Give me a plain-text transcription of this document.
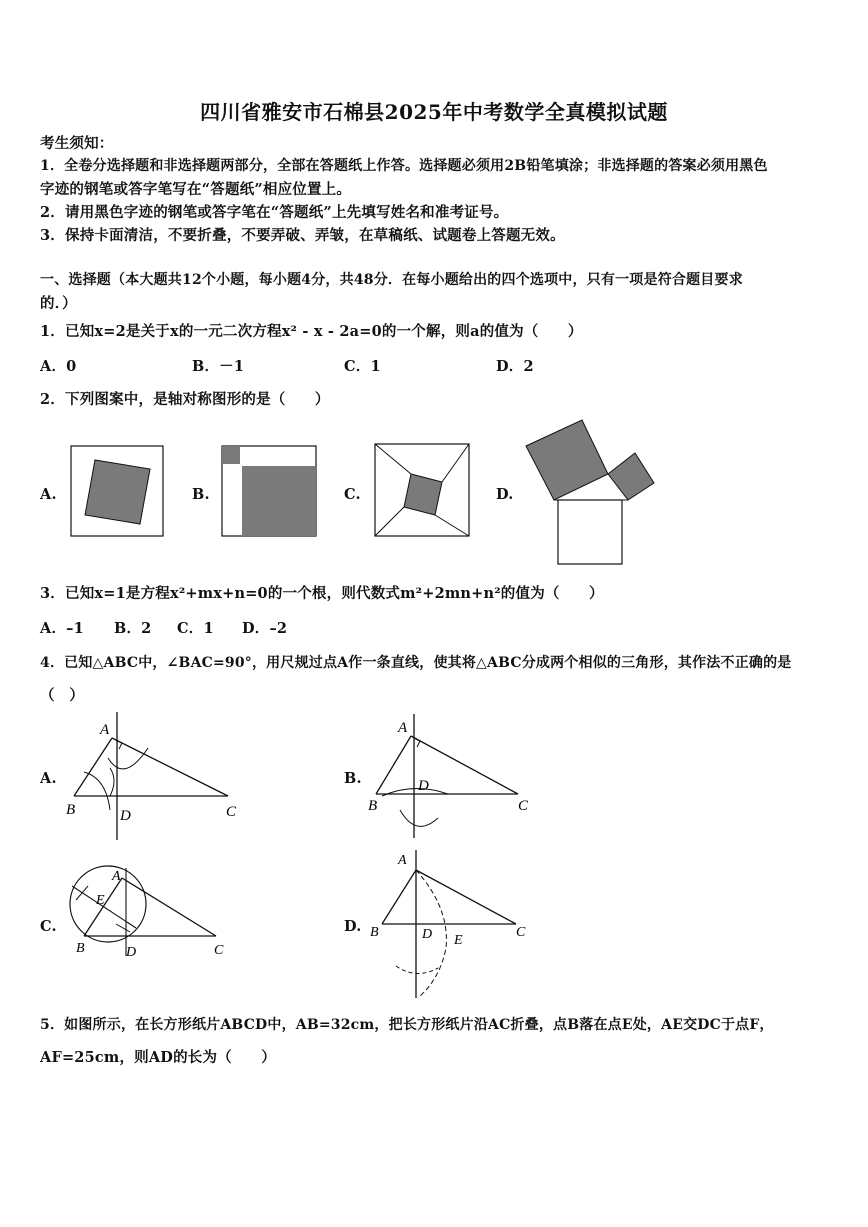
四川省雅安市石棉县2025年中考数学全真模拟试题
考生须知：
1．全卷分选择题和非选择题两部分，全部在答题纸上作答。选择题必须用2B铅笔填涂；非选择题的答案必须用黑色
字迹的钢笔或答字笔写在“答题纸”相应位置上。
2．请用黑色字迹的钢笔或答字笔在“答题纸”上先填写姓名和准考证号。
3．保持卡面清洁，不要折叠，不要弄破、弄皱，在草稿纸、试题卷上答题无效。
一、选择题（本大题共12个小题，每小题4分，共48分．在每小题给出的四个选项中，只有一项是符合题目要求
的．）
1．已知x=2是关于x的一元二次方程x² - x - 2a=0的一个解，则a的值为（　　）
A．0	B．－1	C．1	D．2
2．下列图案中，是轴对称图形的是（　　）
A.	B.	C.	D.
3．已知x=1是方程x²+mx+n=0的一个根，则代数式m²+2mn+n²的值为（　　）
A．–1 B．2 C．1 D．–2
4．已知△ABC中，∠BAC=90°，用尺规过点A作一条直线，使其将△ABC分成两个相似的三角形，其作法不正确的是
（　）
A.
A
B	D	C
B.
A
D
B	C
C.
A
E
B	D	C
D.
A
B	D E
C
5．如图所示，在长方形纸片ABCD中，AB=32cm，把长方形纸片沿AC折叠，点B落在点E处，AE交DC于点F，
AF=25cm，则AD的长为（　　）
